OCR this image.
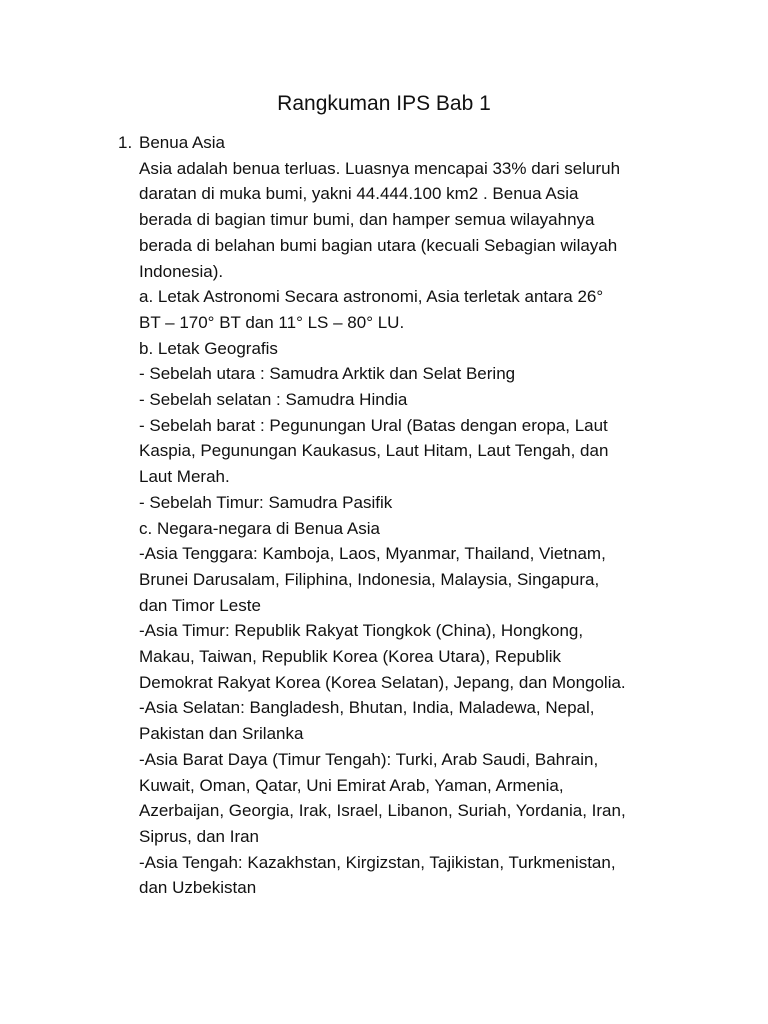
Rangkuman IPS Bab 1
1. Benua Asia
Asia adalah benua terluas. Luasnya mencapai 33% dari seluruh
daratan di muka bumi, yakni 44.444.100 km2 . Benua Asia
berada di bagian timur bumi, dan hamper semua wilayahnya
berada di belahan bumi bagian utara (kecuali Sebagian wilayah
Indonesia).
a. Letak Astronomi Secara astronomi, Asia terletak antara 26°
BT – 170° BT dan 11° LS – 80° LU.
b. Letak Geografis
- Sebelah utara : Samudra Arktik dan Selat Bering
- Sebelah selatan : Samudra Hindia
- Sebelah barat : Pegunungan Ural (Batas dengan eropa, Laut
Kaspia, Pegunungan Kaukasus, Laut Hitam, Laut Tengah, dan
Laut Merah.
- Sebelah Timur: Samudra Pasifik
c. Negara-negara di Benua Asia
-Asia Tenggara: Kamboja, Laos, Myanmar, Thailand, Vietnam,
Brunei Darusalam, Filiphina, Indonesia, Malaysia, Singapura,
dan Timor Leste
-Asia Timur: Republik Rakyat Tiongkok (China), Hongkong,
Makau, Taiwan, Republik Korea (Korea Utara), Republik
Demokrat Rakyat Korea (Korea Selatan), Jepang, dan Mongolia.
-Asia Selatan: Bangladesh, Bhutan, India, Maladewa, Nepal,
Pakistan dan Srilanka
-Asia Barat Daya (Timur Tengah): Turki, Arab Saudi, Bahrain,
Kuwait, Oman, Qatar, Uni Emirat Arab, Yaman, Armenia,
Azerbaijan, Georgia, Irak, Israel, Libanon, Suriah, Yordania, Iran,
Siprus, dan Iran
-Asia Tengah: Kazakhstan, Kirgizstan, Tajikistan, Turkmenistan,
dan Uzbekistan
